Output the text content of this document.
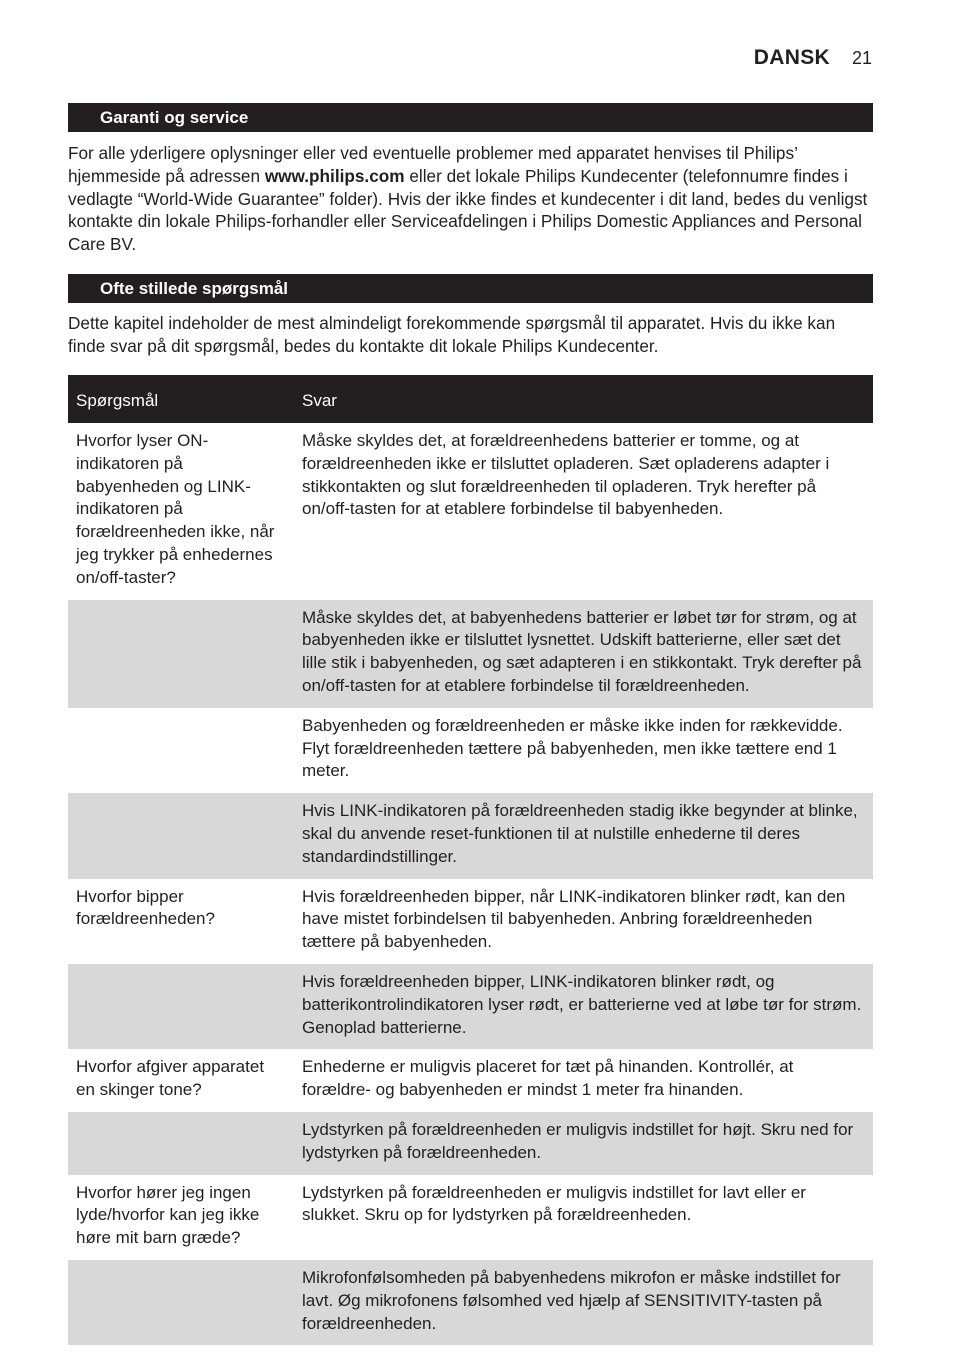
DANSK 21
Garanti og service

For alle yderligere oplysninger eller ved eventuelle problemer med apparatet henvises til Philips’ hjemmeside på adressen www.philips.com eller det lokale Philips Kundecenter (telefonnumre findes i vedlagte “World-Wide Guarantee” folder). Hvis der ikke findes et kundecenter i dit land, bedes du venligst kontakte din lokale Philips-forhandler eller Serviceafdelingen i Philips Domestic Appliances and Personal Care BV.

Ofte stillede spørgsmål

Dette kapitel indeholder de mest almindeligt forekommende spørgsmål til apparatet. Hvis du ikke kan finde svar på dit spørgsmål, bedes du kontakte dit lokale Philips Kundecenter.

Spørgsmål	Svar
Hvorfor lyser ON-indikatoren på babyenheden og LINK-indikatoren på forældreenheden ikke, når jeg trykker på enhedernes on/off-taster?	Måske skyldes det, at forældreenhedens batterier er tomme, og at forældreenheden ikke er tilsluttet opladeren. Sæt opladerens adapter i stikkontakten og slut forældreenheden til opladeren. Tryk herefter på on/off-tasten for at etablere forbindelse til babyenheden.
	Måske skyldes det, at babyenhedens batterier er løbet tør for strøm, og at babyenheden ikke er tilsluttet lysnettet. Udskift batterierne, eller sæt det lille stik i babyenheden, og sæt adapteren i en stikkontakt. Tryk derefter på on/off-tasten for at etablere forbindelse til forældreenheden.
	Babyenheden og forældreenheden er måske ikke inden for rækkevidde. Flyt forældreenheden tættere på babyenheden, men ikke tættere end 1 meter.
	Hvis LINK-indikatoren på forældreenheden stadig ikke begynder at blinke, skal du anvende reset-funktionen til at nulstille enhederne til deres standardindstillinger.
Hvorfor bipper forældreenheden?	Hvis forældreenheden bipper, når LINK-indikatoren blinker rødt, kan den have mistet forbindelsen til babyenheden. Anbring forældreenheden tættere på babyenheden.
	Hvis forældreenheden bipper, LINK-indikatoren blinker rødt, og batterikontrolindikatoren lyser rødt, er batterierne ved at løbe tør for strøm. Genoplad batterierne.
Hvorfor afgiver apparatet en skinger tone?	Enhederne er muligvis placeret for tæt på hinanden. Kontrollér, at forældre- og babyenheden er mindst 1 meter fra hinanden.
	Lydstyrken på forældreenheden er muligvis indstillet for højt. Skru ned for lydstyrken på forældreenheden.
Hvorfor hører jeg ingen lyde/hvorfor kan jeg ikke høre mit barn græde?	Lydstyrken på forældreenheden er muligvis indstillet for lavt eller er slukket. Skru op for lydstyrken på forældreenheden.
	Mikrofonfølsomheden på babyenhedens mikrofon er måske indstillet for lavt. Øg mikrofonens følsomhed ved hjælp af SENSITIVITY-tasten på forældreenheden.
